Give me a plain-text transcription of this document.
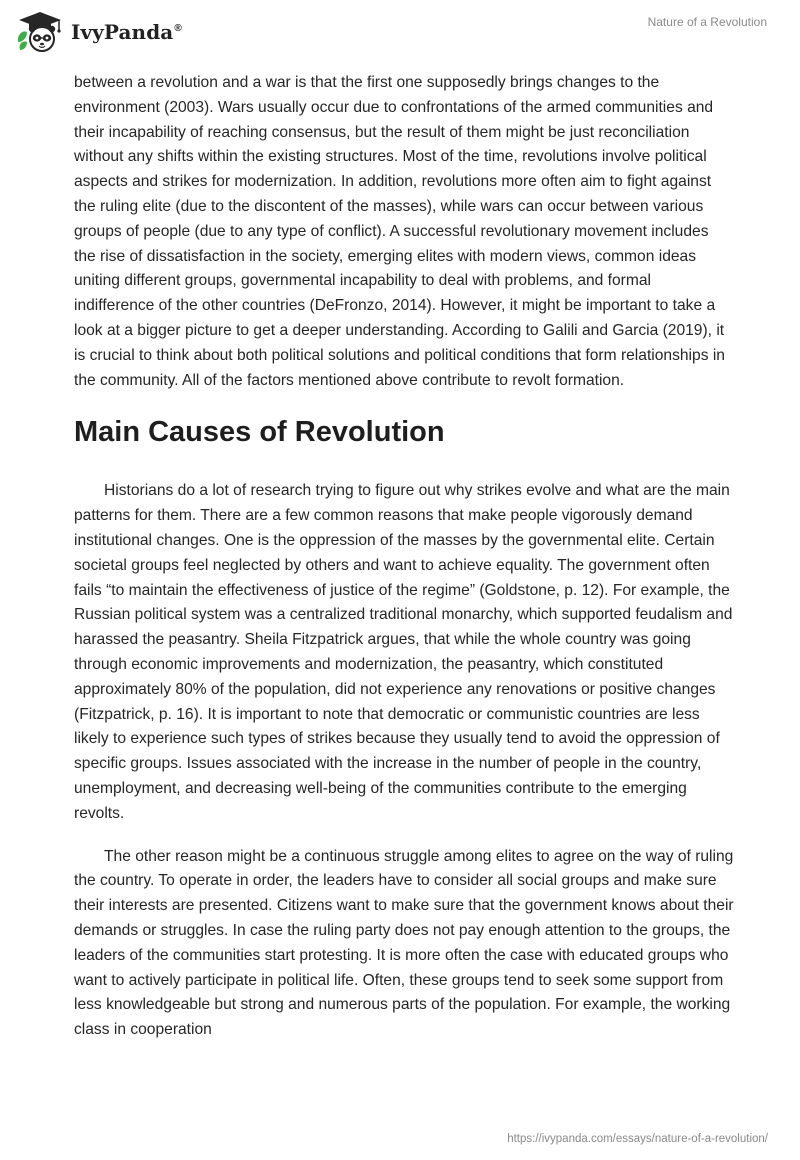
IvyPanda®	Nature of a Revolution

between a revolution and a war is that the first one supposedly brings changes to the environment (2003). Wars usually occur due to confrontations of the armed communities and their incapability of reaching consensus, but the result of them might be just reconciliation without any shifts within the existing structures. Most of the time, revolutions involve political aspects and strikes for modernization. In addition, revolutions more often aim to fight against the ruling elite (due to the discontent of the masses), while wars can occur between various groups of people (due to any type of conflict). A successful revolutionary movement includes the rise of dissatisfaction in the society, emerging elites with modern views, common ideas uniting different groups, governmental incapability to deal with problems, and formal indifference of the other countries (DeFronzo, 2014). However, it might be important to take a look at a bigger picture to get a deeper understanding. According to Galili and Garcia (2019), it is crucial to think about both political solutions and political conditions that form relationships in the community. All of the factors mentioned above contribute to revolt formation.

Main Causes of Revolution

Historians do a lot of research trying to figure out why strikes evolve and what are the main patterns for them. There are a few common reasons that make people vigorously demand institutional changes. One is the oppression of the masses by the governmental elite. Certain societal groups feel neglected by others and want to achieve equality. The government often fails “to maintain the effectiveness of justice of the regime” (Goldstone, p. 12). For example, the Russian political system was a centralized traditional monarchy, which supported feudalism and harassed the peasantry. Sheila Fitzpatrick argues, that while the whole country was going through economic improvements and modernization, the peasantry, which constituted approximately 80% of the population, did not experience any renovations or positive changes (Fitzpatrick, p. 16). It is important to note that democratic or communistic countries are less likely to experience such types of strikes because they usually tend to avoid the oppression of specific groups. Issues associated with the increase in the number of people in the country, unemployment, and decreasing well-being of the communities contribute to the emerging revolts.

The other reason might be a continuous struggle among elites to agree on the way of ruling the country. To operate in order, the leaders have to consider all social groups and make sure their interests are presented. Citizens want to make sure that the government knows about their demands or struggles. In case the ruling party does not pay enough attention to the groups, the leaders of the communities start protesting. It is more often the case with educated groups who want to actively participate in political life. Often, these groups tend to seek some support from less knowledgeable but strong and numerous parts of the population. For example, the working class in cooperation

https://ivypanda.com/essays/nature-of-a-revolution/
